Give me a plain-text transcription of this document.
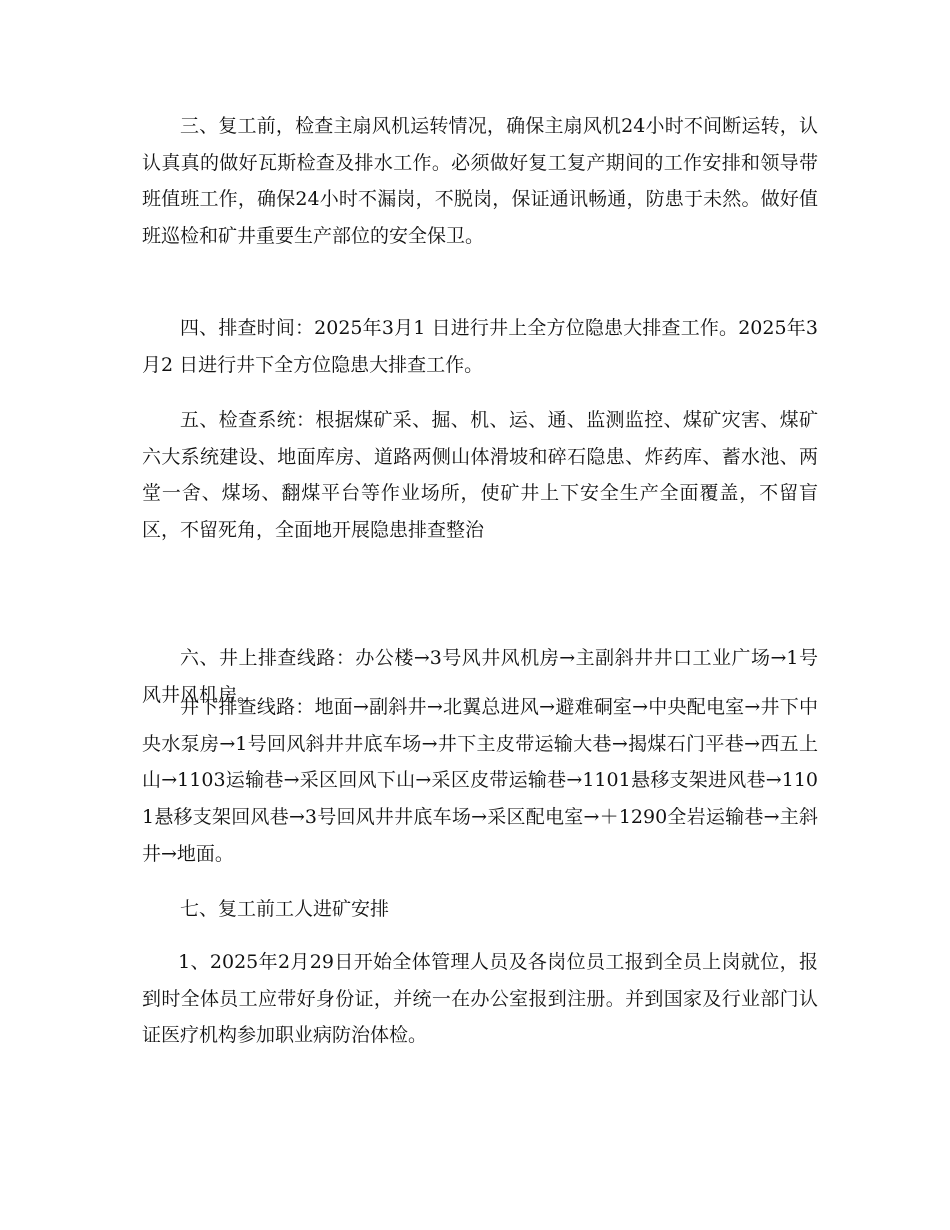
三、复工前，检查主扇风机运转情况，确保主扇风机24小时不间断运转，认认真真的做好瓦斯检查及排水工作。必须做好复工复产期间的工作安排和领导带班值班工作，确保24小时不漏岗，不脱岗，保证通讯畅通，防患于未然。做好值班巡检和矿井重要生产部位的安全保卫。

四、排查时间：2025年3月1 日进行井上全方位隐患大排查工作。2025年3月2 日进行井下全方位隐患大排查工作。

五、检查系统：根据煤矿采、掘、机、运、通、监测监控、煤矿灾害、煤矿六大系统建设、地面库房、道路两侧山体滑坡和碎石隐患、炸药库、蓄水池、两堂一舍、煤场、翻煤平台等作业场所，使矿井上下安全生产全面覆盖，不留盲区，不留死角，全面地开展隐患排查整治

六、井上排查线路：办公楼→3号风井风机房→主副斜井井口工业广场→1号风井风机房。

井下排查线路：地面→副斜井→北翼总进风→避难硐室→中央配电室→井下中央水泵房→1号回风斜井井底车场→井下主皮带运输大巷→揭煤石门平巷→西五上山→1103运输巷→采区回风下山→采区皮带运输巷→1101悬移支架进风巷→1101悬移支架回风巷→3号回风井井底车场→采区配电室→＋1290全岩运输巷→主斜井→地面。

七、复工前工人进矿安排

1、2025年2月29日开始全体管理人员及各岗位员工报到全员上岗就位，报到时全体员工应带好身份证，并统一在办公室报到注册。并到国家及行业部门认证医疗机构参加职业病防治体检。
